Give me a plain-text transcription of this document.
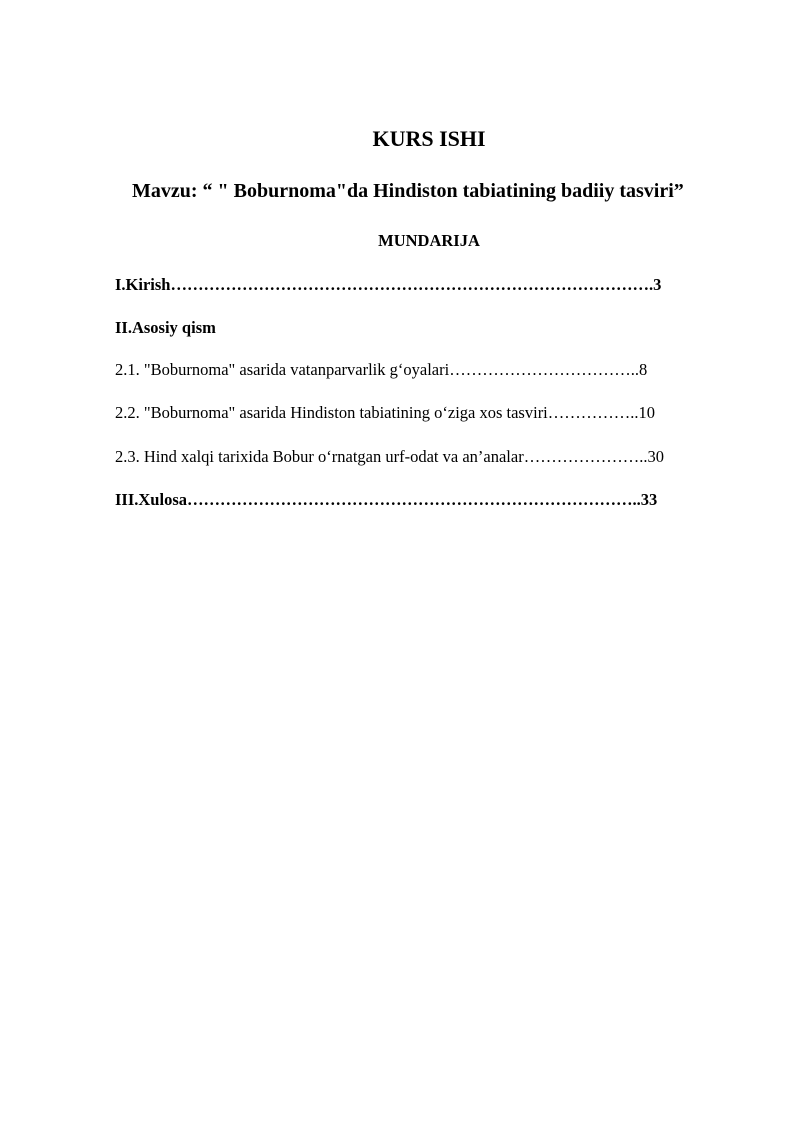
KURS ISHI
Mavzu: “ " Boburnoma"da Hindiston tabiatining badiiy tasviri”
MUNDARIJA
I.Kirish…………………………………………………………………………….3
II.Asosiy qism
2.1. "Boburnoma" asarida vatanparvarlik g‘oyalari……………………………..8
2.2. "Boburnoma" asarida Hindiston tabiatining o‘ziga xos tasviri……………..10
2.3. Hind xalqi tarixida Bobur o‘rnatgan urf-odat va an’analar…………………..30
III.Xulosa………………………………………………………………………..33
